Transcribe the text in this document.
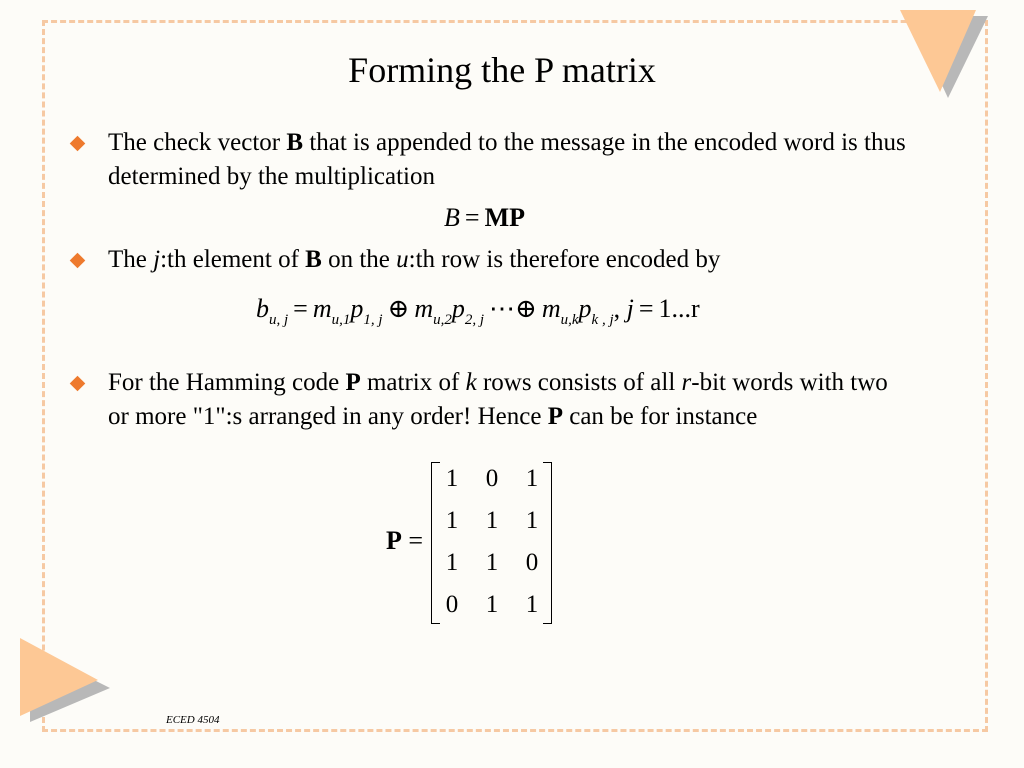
Forming the P matrix
The check vector B that is appended to the message in the encoded word is thus determined by the multiplication
B = MP
The j:th element of B on the u:th row is therefore encoded by
$b_{u, j} = m_{u,1}p_{1, j}$ ⊕ $m_{u,2}p_{2, j}$ ⋯⊕ $m_{u,k}p_{k , j}$, j = 1...r
For the Hamming code P matrix of k rows consists of all r-bit words with two or more "1":s arranged in any order! Hence P can be for instance
P =
1	0	1
1	1	1
1	1	0
0	1	1
ECED 4504
